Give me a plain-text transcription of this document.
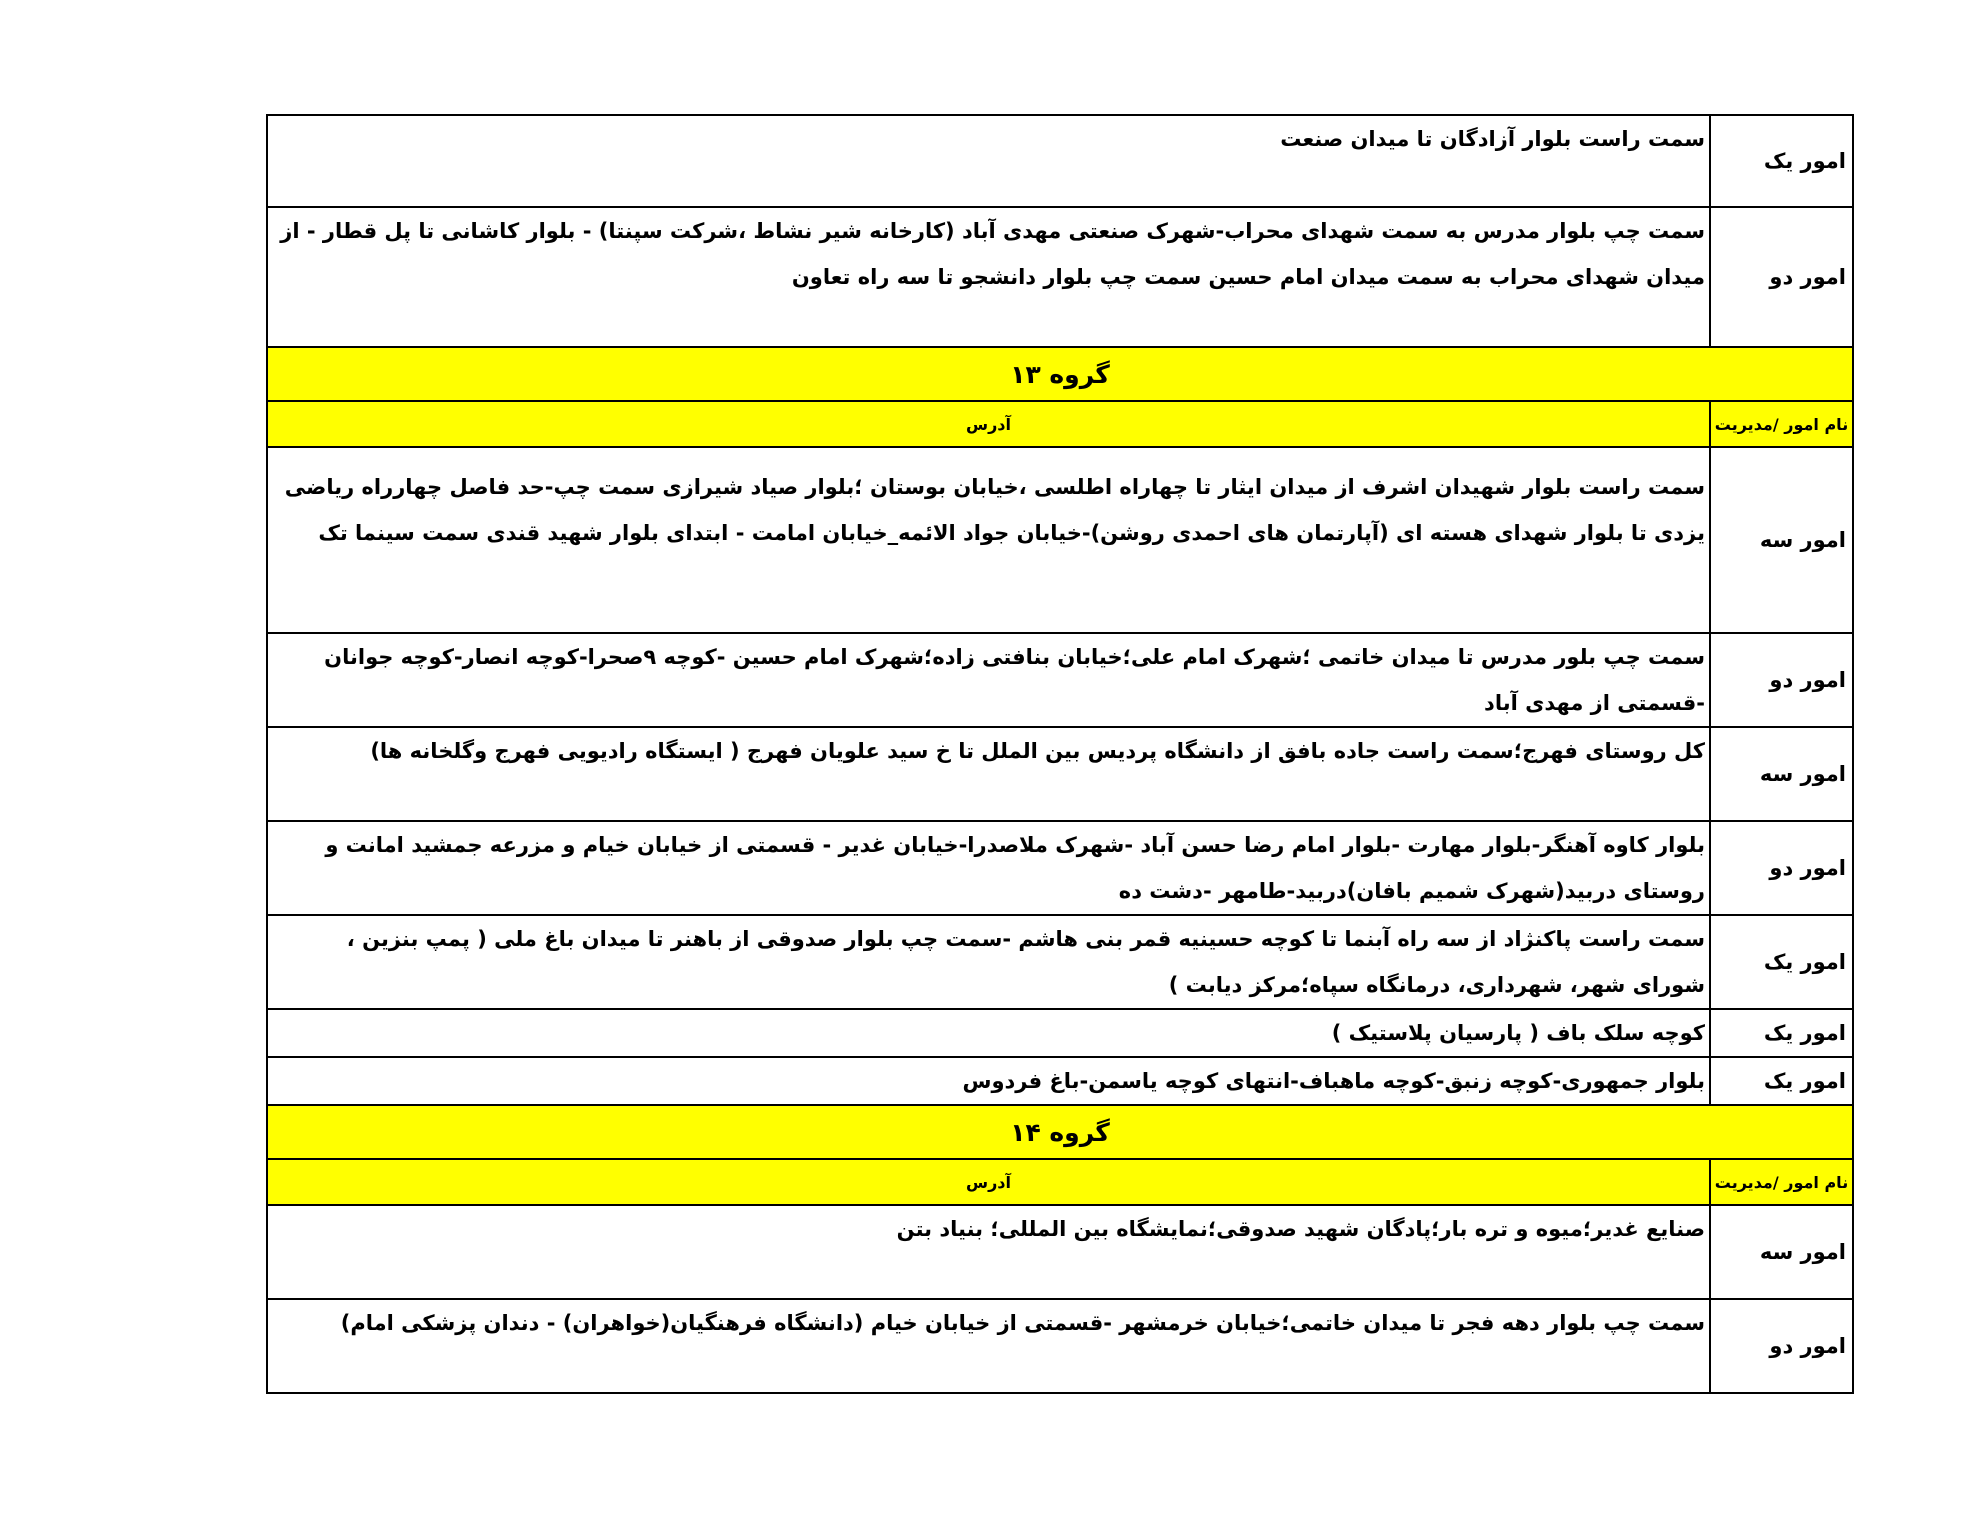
امور یک	سمت راست بلوار آزادگان تا میدان صنعت
امور دو	سمت چپ بلوار مدرس به سمت شهدای محراب-شهرک صنعتی مهدی آباد (کارخانه شیر نشاط ،شرکت سپنتا) - بلوار کاشانی تا پل قطار - از میدان شهدای محراب به سمت میدان امام حسین سمت چپ بلوار دانشجو تا سه راه تعاون
گروه ۱۳	
نام امور /مدیریت	آدرس
امور سه	سمت راست بلوار شهیدان اشرف از میدان ایثار تا چهاراه اطلسی ،خیابان بوستان ؛بلوار صیاد شیرازی سمت چپ-حد فاصل چهارراه ریاضی یزدی تا بلوار شهدای هسته ای (آپارتمان های احمدی روشن)-خیابان جواد الائمه_خیابان امامت - ابتدای بلوار شهید قندی سمت سینما تک
امور دو	سمت چپ بلور مدرس تا میدان خاتمی ؛شهرک امام علی؛خیابان بنافتی زاده؛شهرک امام حسین -کوچه ۹صحرا-کوچه انصار-کوچه جوانان -قسمتی از مهدی آباد
امور سه	کل روستای فهرج؛سمت راست جاده بافق از دانشگاه پردیس بین الملل تا خ سید علویان فهرج ( ایستگاه رادیویی فهرج وگلخانه ها)
امور دو	بلوار کاوه آهنگر-بلوار مهارت -بلوار امام رضا حسن آباد -شهرک ملاصدرا-خیابان غدیر - قسمتی از خیابان خیام و مزرعه جمشید امانت و روستای دربید(شهرک شمیم بافان)دربید-طامهر -دشت ده
امور یک	سمت راست پاکنژاد از سه راه آبنما تا کوچه حسینیه قمر بنی هاشم -سمت چپ بلوار صدوقی از باهنر تا میدان باغ ملی ( پمپ بنزین ، شورای شهر، شهرداری، درمانگاه سپاه؛مرکز دیابت )
امور یک	کوچه سلک باف ( پارسیان پلاستیک )
امور یک	بلوار جمهوری-کوچه زنبق-کوچه ماهباف-انتهای کوچه یاسمن-باغ فردوس
گروه ۱۴	
نام امور /مدیریت	آدرس
امور سه	صنایع غدیر؛میوه و تره بار؛پادگان شهید صدوقی؛نمایشگاه بین المللی؛ بنیاد بتن
امور دو	سمت چپ بلوار دهه فجر تا میدان خاتمی؛خیابان خرمشهر -قسمتی از خیابان خیام (دانشگاه فرهنگیان(خواهران) - دندان پزشکی امام)
